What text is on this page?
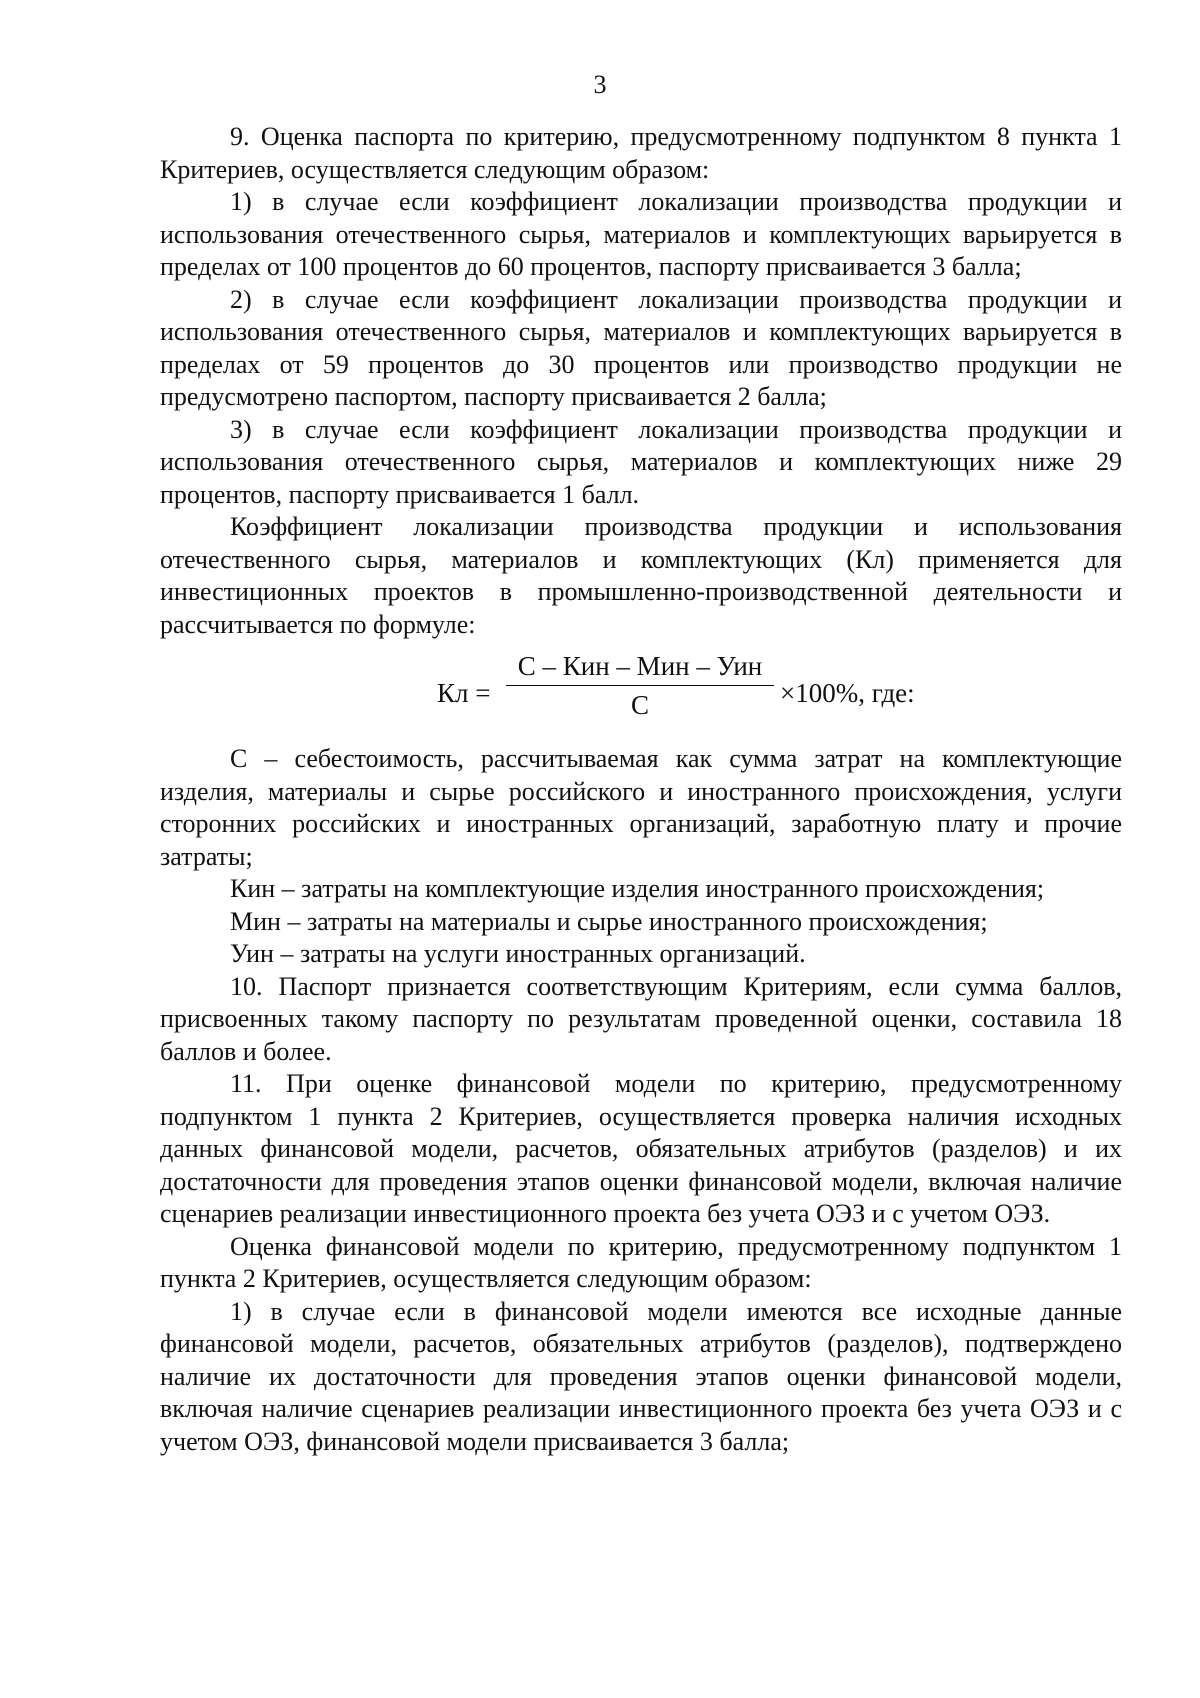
3

9. Оценка паспорта по критерию, предусмотренному подпунктом 8 пункта 1 Критериев, осуществляется следующим образом:

1) в случае если коэффициент локализации производства продукции и использования отечественного сырья, материалов и комплектующих варьируется в пределах от 100 процентов до 60 процентов, паспорту присваивается 3 балла;

2) в случае если коэффициент локализации производства продукции и использования отечественного сырья, материалов и комплектующих варьируется в пределах от 59 процентов до 30 процентов или производство продукции не предусмотрено паспортом, паспорту присваивается 2 балла;

3) в случае если коэффициент локализации производства продукции и использования отечественного сырья, материалов и комплектующих ниже 29 процентов, паспорту присваивается 1 балл.

Коэффициент локализации производства продукции и использования отечественного сырья, материалов и комплектующих (Кл) применяется для инвестиционных проектов в промышленно-производственной деятельности и рассчитывается по формуле:

Кл =
С – Кин – Мин – Уин
С	×100%, где:

С – себестоимость, рассчитываемая как сумма затрат на комплектующие изделия, материалы и сырье российского и иностранного происхождения, услуги сторонних российских и иностранных организаций, заработную плату и прочие затраты;

Кин – затраты на комплектующие изделия иностранного происхождения;

Мин – затраты на материалы и сырье иностранного происхождения;

Уин – затраты на услуги иностранных организаций.

10. Паспорт признается соответствующим Критериям, если сумма баллов, присвоенных такому паспорту по результатам проведенной оценки, составила 18 баллов и более.

11. При оценке финансовой модели по критерию, предусмотренному подпунктом 1 пункта 2 Критериев, осуществляется проверка наличия исходных данных финансовой модели, расчетов, обязательных атрибутов (разделов) и их достаточности для проведения этапов оценки финансовой модели, включая наличие сценариев реализации инвестиционного проекта без учета ОЭЗ и с учетом ОЭЗ.

Оценка финансовой модели по критерию, предусмотренному подпунктом 1 пункта 2 Критериев, осуществляется следующим образом:

1) в случае если в финансовой модели имеются все исходные данные финансовой модели, расчетов, обязательных атрибутов (разделов), подтверждено наличие их достаточности для проведения этапов оценки финансовой модели, включая наличие сценариев реализации инвестиционного проекта без учета ОЭЗ и с учетом ОЭЗ, финансовой модели присваивается 3 балла;
